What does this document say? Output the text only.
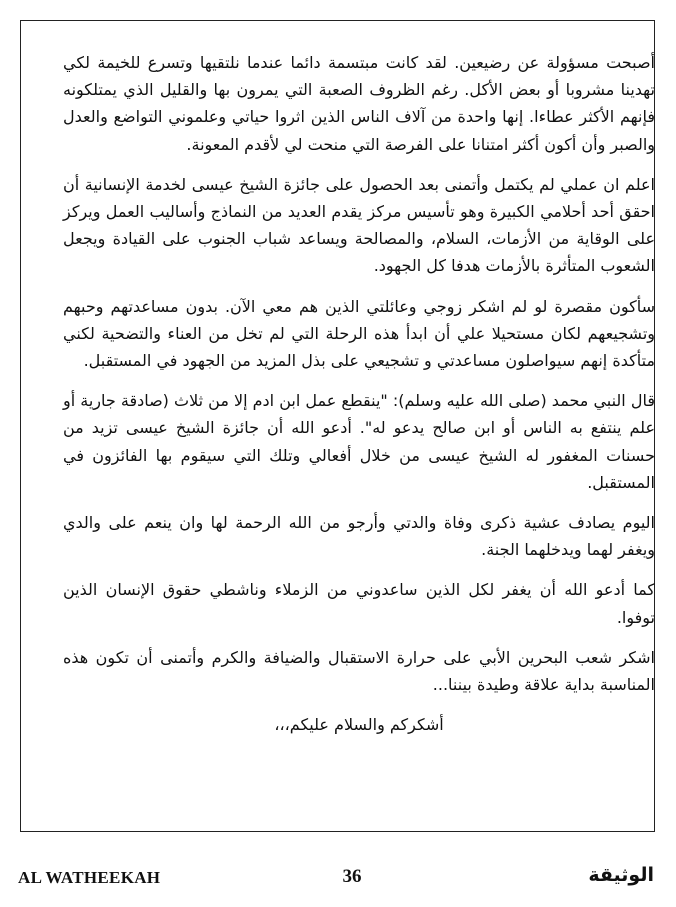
أصبحت مسؤولة عن رضيعين. لقد كانت مبتسمة دائما عندما نلتقيها وتسرع للخيمة لكي تهدينا مشروبا أو بعض الأكل. رغم الظروف الصعبة التي يمرون بها والقليل الذي يمتلكونه فإنهم الأكثر عطاءا. إنها واحدة من آلاف الناس الذين اثروا حياتي وعلموني التواضع والعدل والصبر وأن أكون أكثر امتنانا على الفرصة التي منحت لي لأقدم المعونة.

اعلم ان عملي لم يكتمل وأتمنى بعد الحصول على جائزة الشيخ عيسى لخدمة الإنسانية أن احقق أحد أحلامي الكبيرة وهو تأسيس مركز يقدم العديد من النماذج وأساليب العمل ويركز على الوقاية من الأزمات، السلام، والمصالحة ويساعد شباب الجنوب على القيادة ويجعل الشعوب المتأثرة بالأزمات هدفا كل الجهود.

سأكون مقصرة لو لم اشكر زوجي وعائلتي الذين هم معي الآن. بدون مساعدتهم وحبهم وتشجيعهم لكان مستحيلا علي أن ابدأ هذه الرحلة التي لم تخل من العناء والتضحية لكني متأكدة إنهم سيواصلون مساعدتي و تشجيعي على بذل المزيد من الجهود في المستقبل.

قال النبي محمد (صلى الله عليه وسلم): "ينقطع عمل ابن ادم إلا من ثلاث (صادقة جارية أو علم ينتفع به الناس أو ابن صالح يدعو له". أدعو الله أن جائزة الشيخ عيسى تزيد من حسنات المغفور له الشيخ عيسى من خلال أفعالي وتلك التي سيقوم بها الفائزون في المستقبل.

اليوم يصادف عشية ذكرى وفاة والدتي وأرجو من الله الرحمة لها وان ينعم على والدي ويغفر لهما ويدخلهما الجنة.

كما أدعو الله أن يغفر لكل الذين ساعدوني من الزملاء وناشطي حقوق الإنسان الذين توفوا.

اشكر شعب البحرين الأبي على حرارة الاستقبال والضيافة والكرم وأتمنى أن تكون هذه المناسبة بداية علاقة وطيدة بيننا...

أشكركم والسلام عليكم،،،

AL WATHEEKAH	36	الوثيقة
